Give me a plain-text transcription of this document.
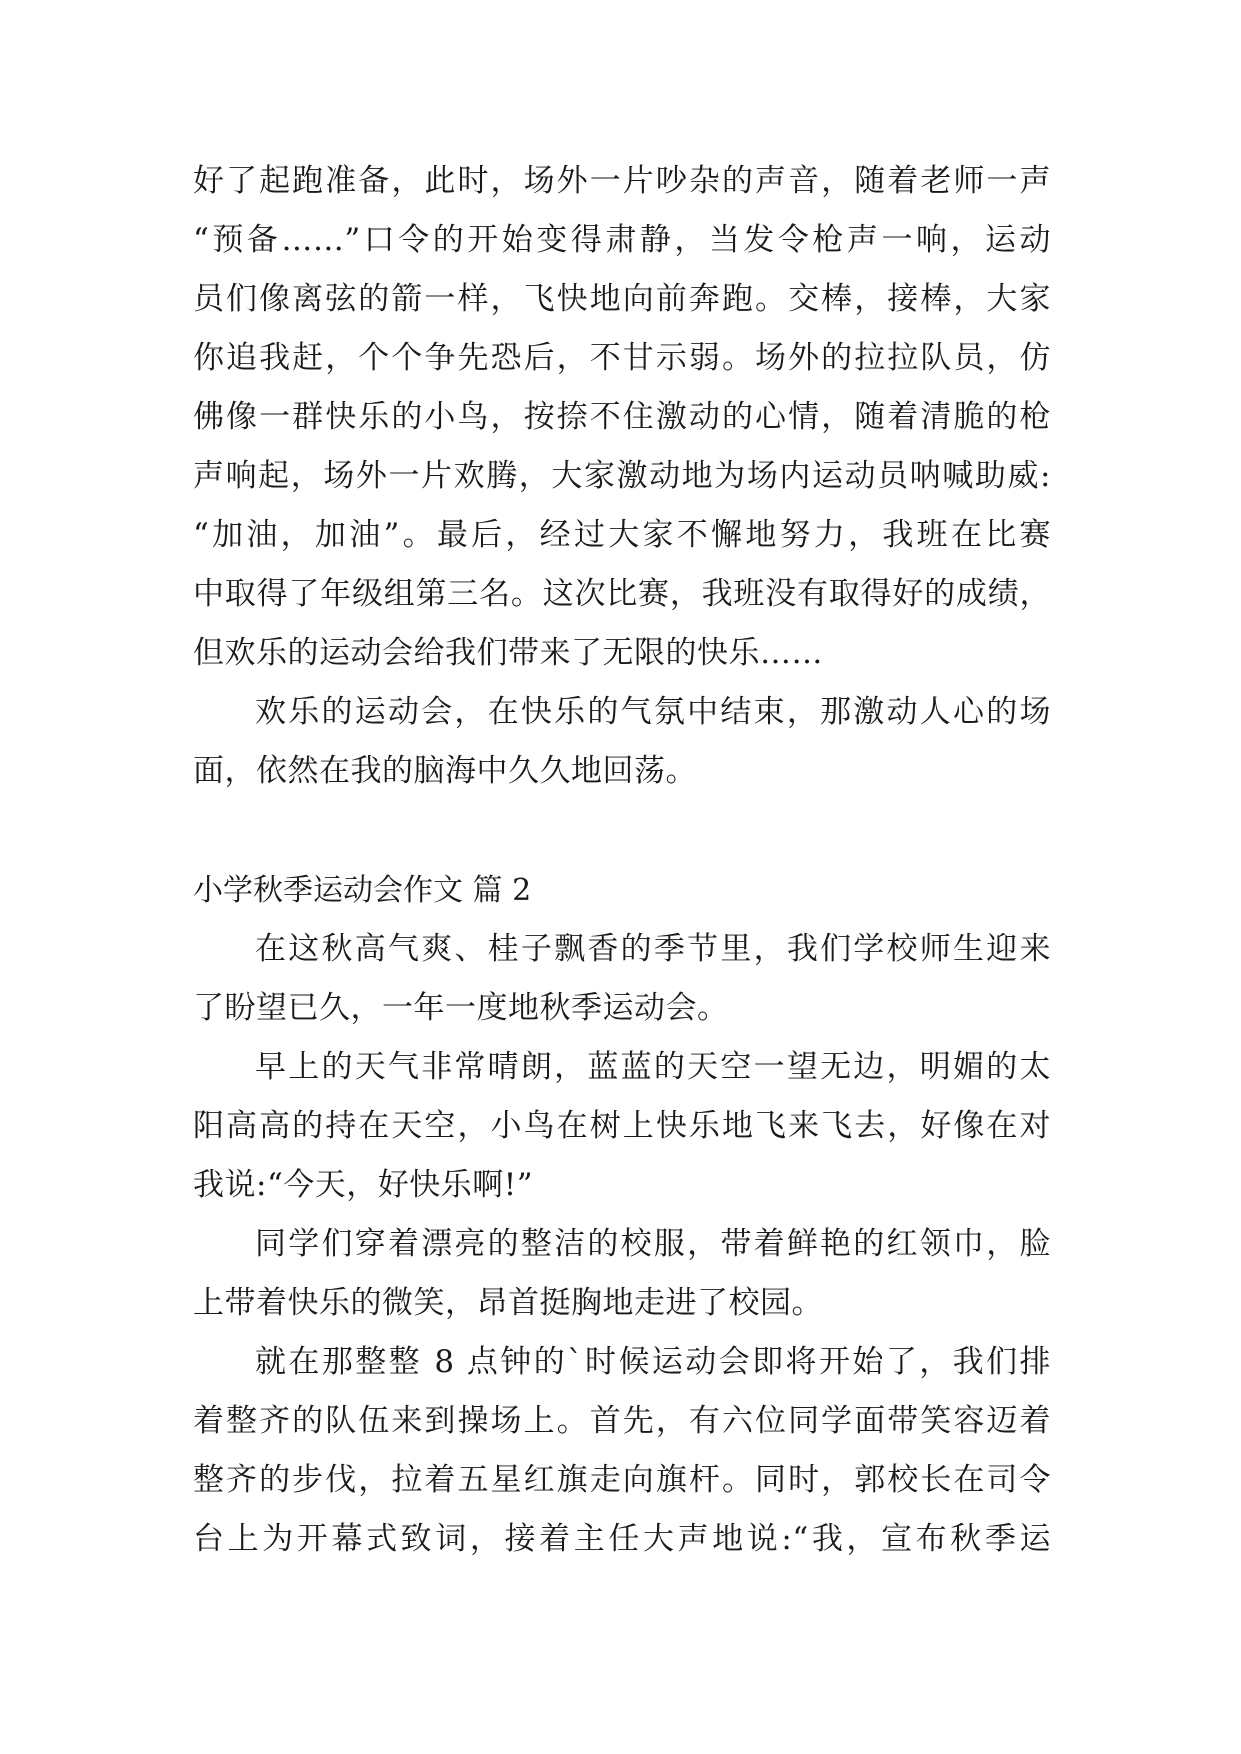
好了起跑准备，此时，场外一片吵杂的声音，随着老师一声
“预备……”口令的开始变得肃静，当发令枪声一响，运动
员们像离弦的箭一样，飞快地向前奔跑。交棒，接棒，大家
你追我赶，个个争先恐后，不甘示弱。场外的拉拉队员，仿
佛像一群快乐的小鸟，按捺不住激动的心情，随着清脆的枪
声响起，场外一片欢腾，大家激动地为场内运动员呐喊助威:
“加油，加油”。最后，经过大家不懈地努力，我班在比赛
中取得了年级组第三名。这次比赛，我班没有取得好的成绩，
但欢乐的运动会给我们带来了无限的快乐……
欢乐的运动会，在快乐的气氛中结束，那激动人心的场
面，依然在我的脑海中久久地回荡。
小学秋季运动会作文 篇 2
在这秋高气爽、桂子飘香的季节里，我们学校师生迎来
了盼望已久，一年一度地秋季运动会。
早上的天气非常晴朗，蓝蓝的天空一望无边，明媚的太
阳高高的持在天空，小鸟在树上快乐地飞来飞去，好像在对
我说:“今天，好快乐啊!”
同学们穿着漂亮的整洁的校服，带着鲜艳的红领巾，脸
上带着快乐的微笑，昂首挺胸地走进了校园。
就在那整整 8 点钟的`时候运动会即将开始了，我们排
着整齐的队伍来到操场上。首先，有六位同学面带笑容迈着
整齐的步伐，拉着五星红旗走向旗杆。同时，郭校长在司令
台上为开幕式致词，接着主任大声地说:“我，宣布秋季运
